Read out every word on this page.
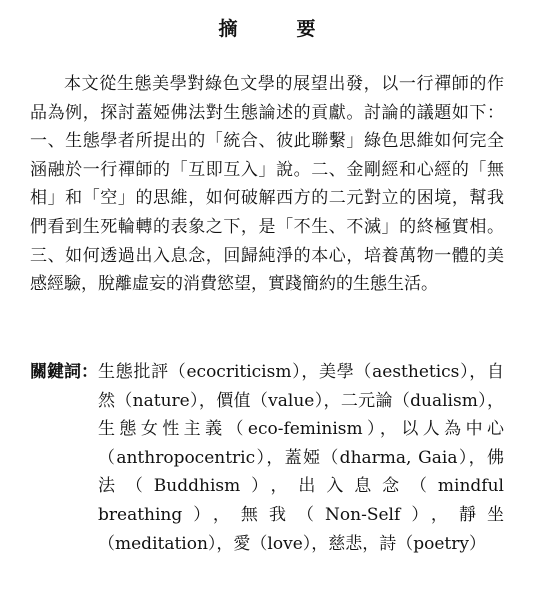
摘　要

本文從生態美學對綠色文學的展望出發，以一行禪師的作品為例，探討蓋婭佛法對生態論述的貢獻。討論的議題如下：一、生態學者所提出的「統合、彼此聯繫」綠色思維如何完全涵融於一行禪師的「互即互入」說。二、金剛經和心經的「無相」和「空」的思維，如何破解西方的二元對立的困境，幫我們看到生死輪轉的表象之下，是「不生、不滅」的終極實相。三、如何透過出入息念，回歸純淨的本心，培養萬物一體的美感經驗，脫離虛妄的消費慾望，實踐簡約的生態生活。

關鍵詞： 生態批評（ecocriticism），美學（aesthetics），自然（nature），價值（value），二元論（dualism），生態女性主義（eco-feminism），以人為中心（anthropocentric），蓋婭（dharma, Gaia），佛法（Buddhism），出入息念（mindful breathing），無我（Non-Self），靜坐（meditation），愛（love），慈悲，詩（poetry）
